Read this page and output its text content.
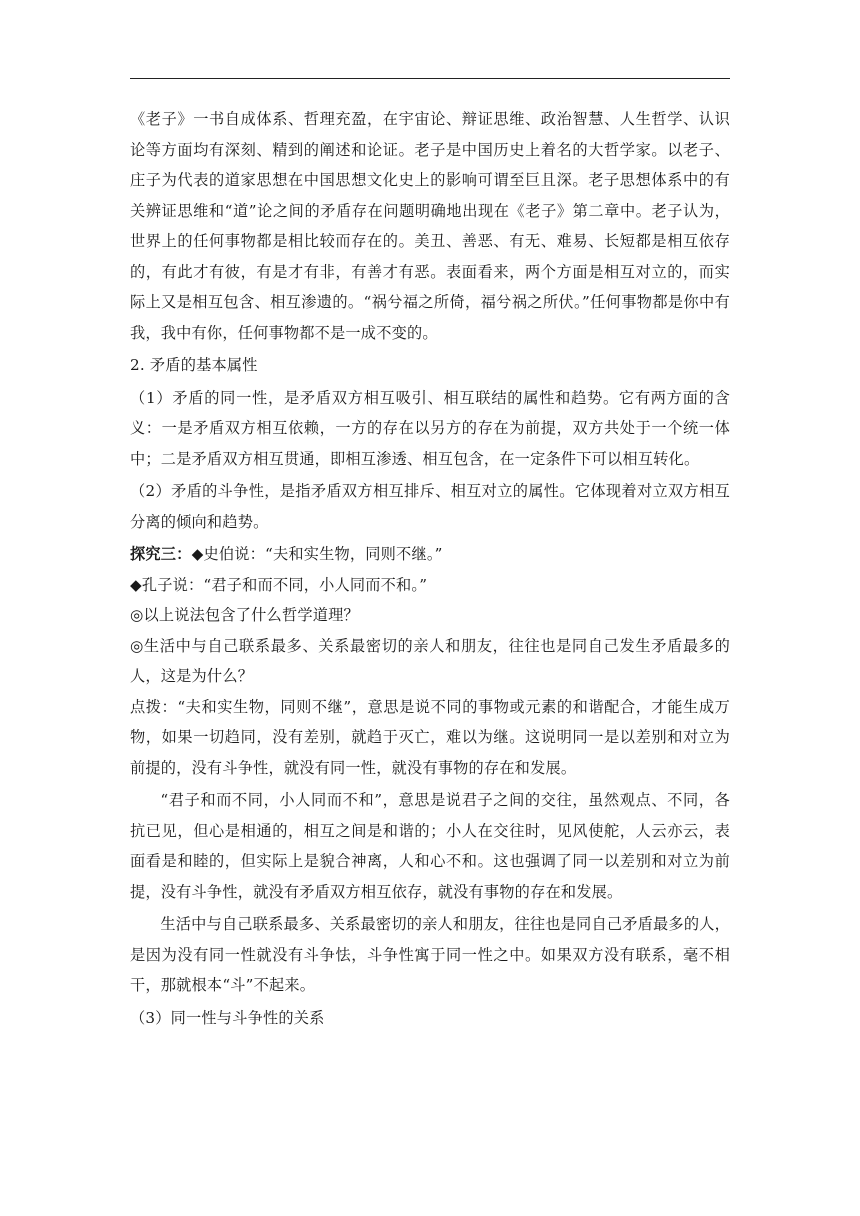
《老子》一书自成体系、哲理充盈，在宇宙论、辩证思维、政治智慧、人生哲学、认识论等方面均有深刻、精到的阐述和论证。老子是中国历史上着名的大哲学家。以老子、庄子为代表的道家思想在中国思想文化史上的影响可谓至巨且深。老子思想体系中的有关辨证思维和“道”论之间的矛盾存在问题明确地出现在《老子》第二章中。老子认为，世界上的任何事物都是相比较而存在的。美丑、善恶、有无、难易、长短都是相互依存的，有此才有彼，有是才有非，有善才有恶。表面看来，两个方面是相互对立的，而实际上又是相互包含、相互渗遗的。“祸兮福之所倚，福兮祸之所伏。”任何事物都是你中有我，我中有你，任何事物都不是一成不变的。

2. 矛盾的基本属性

（1）矛盾的同一性，是矛盾双方相互吸引、相互联结的属性和趋势。它有两方面的含义：一是矛盾双方相互依赖，一方的存在以另方的存在为前提，双方共处于一个统一体中；二是矛盾双方相互贯通，即相互渗透、相互包含，在一定条件下可以相互转化。

（2）矛盾的斗争性，是指矛盾双方相互排斥、相互对立的属性。它体现着对立双方相互分离的倾向和趋势。

探究三：◆史伯说：“夫和实生物，同则不继。”

◆孔子说：“君子和而不同，小人同而不和。”

◎以上说法包含了什么哲学道理？

◎生活中与自己联系最多、关系最密切的亲人和朋友，往往也是同自己发生矛盾最多的人，这是为什么？

点拨：“夫和实生物，同则不继”，意思是说不同的事物或元素的和谐配合，才能生成万物，如果一切趋同，没有差别，就趋于灭亡，难以为继。这说明同一是以差别和对立为前提的，没有斗争性，就没有同一性，就没有事物的存在和发展。

“君子和而不同，小人同而不和”，意思是说君子之间的交往，虽然观点、不同，各抗已见，但心是相通的，相互之间是和谐的；小人在交往时，见风使舵，人云亦云，表面看是和睦的，但实际上是貌合神离，人和心不和。这也强调了同一以差别和对立为前提，没有斗争性，就没有矛盾双方相互依存，就没有事物的存在和发展。

生活中与自己联系最多、关系最密切的亲人和朋友，往往也是同自己矛盾最多的人，是因为没有同一性就没有斗争怯，斗争性寓于同一性之中。如果双方没有联系，毫不相干，那就根本“斗”不起来。

（3）同一性与斗争性的关系
